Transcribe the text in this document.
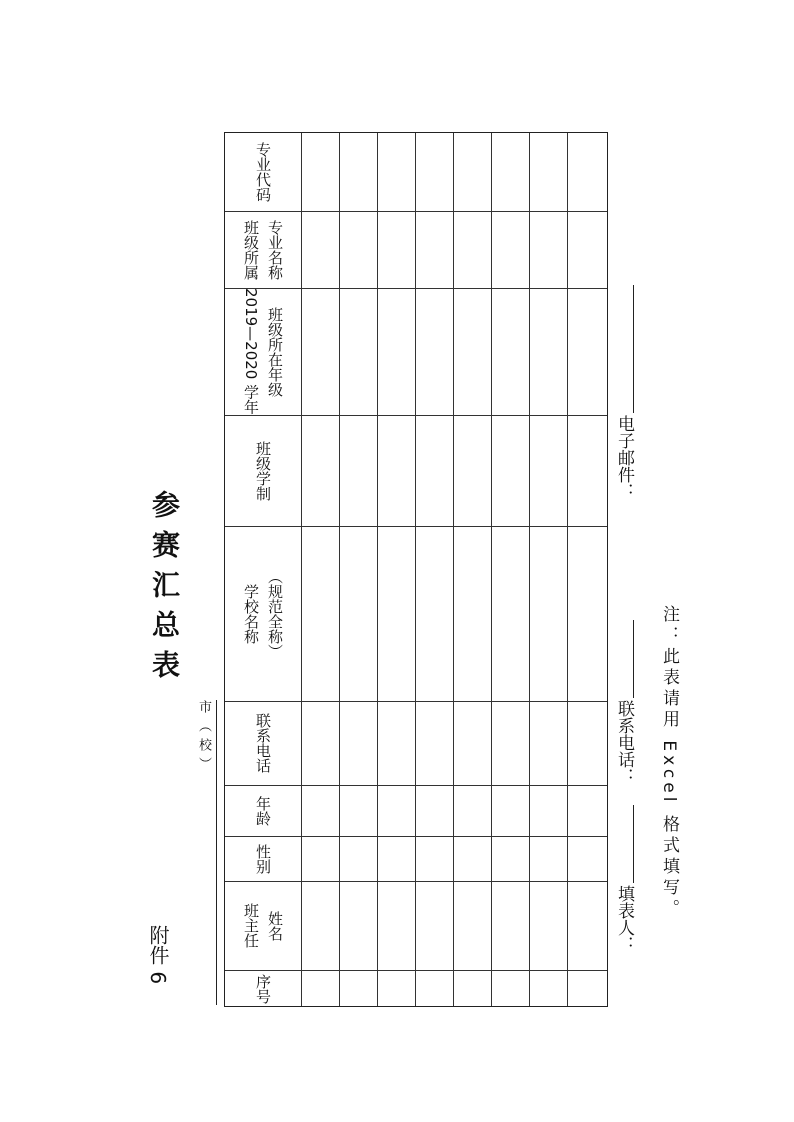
附件 6
参赛汇总表
市（校）
专业代码
班级所属 专业名称
2019—2020 学年 班级所在年级
班级学制
学校名称 （规范全称）
联系电话
年龄
性别
班主任 姓名
序号
填表人：
联系电话：
电子邮件：
注：此表请用 Excel 格式填写。
